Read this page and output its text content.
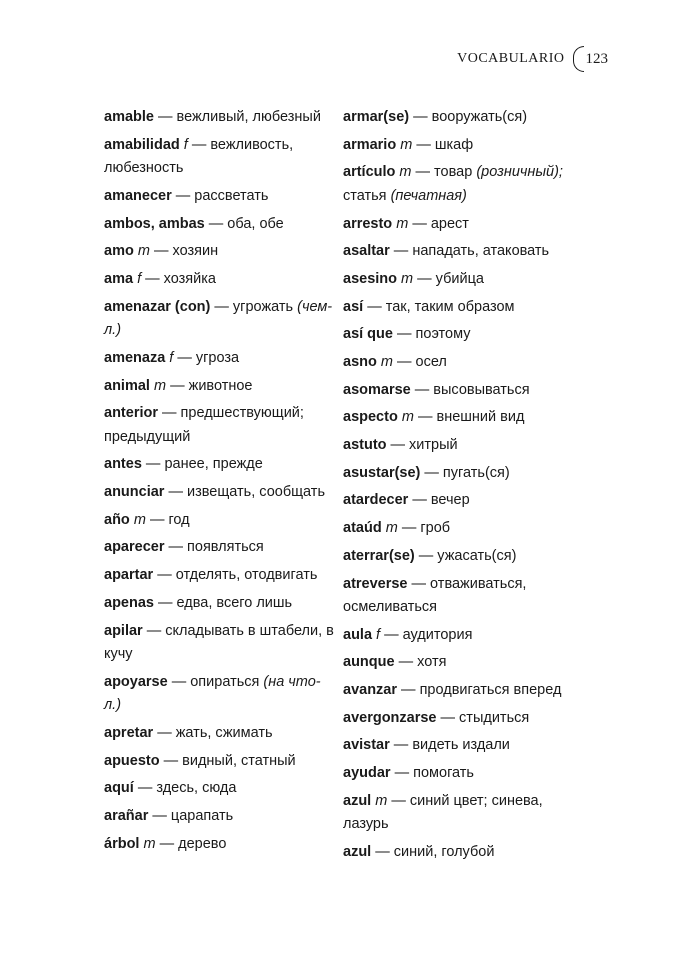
VOCABULARIO 123
amable — вежливый, любезный
amabilidad f — вежливость, любезность
amanecer — рассветать
ambos, ambas — оба, обе
amo m — хозяин
ama f — хозяйка
amenazar (con) — угрожать (чем-л.)
amenaza f — угроза
animal m — животное
anterior — предшествующий; предыдущий
antes — ранее, прежде
anunciar — извещать, сообщать
año m — год
aparecer — появляться
apartar — отделять, отодвигать
apenas — едва, всего лишь
apilar — складывать в штабели, в кучу
apoyarse — опираться (на что-л.)
apretar — жать, сжимать
apuesto — видный, статный
aquí — здесь, сюда
arañar — царапать
árbol m — дерево
armar(se) — вооружать(ся)
armario m — шкаф
artículo m — товар (розничный); статья (печатная)
arresto m — арест
asaltar — нападать, атаковать
asesino m — убийца
así — так, таким образом
así que — поэтому
asno m — осел
asomarse — высовываться
aspecto m — внешний вид
astuto — хитрый
asustar(se) — пугать(ся)
atardecer — вечер
ataúd m — гроб
aterrar(se) — ужасать(ся)
atreverse — отваживаться, осмеливаться
aula f — аудитория
aunque — хотя
avanzar — продвигаться вперед
avergonzarse — стыдиться
avistar — видеть издали
ayudar — помогать
azul m — синий цвет; синева, лазурь
azul — синий, голубой
